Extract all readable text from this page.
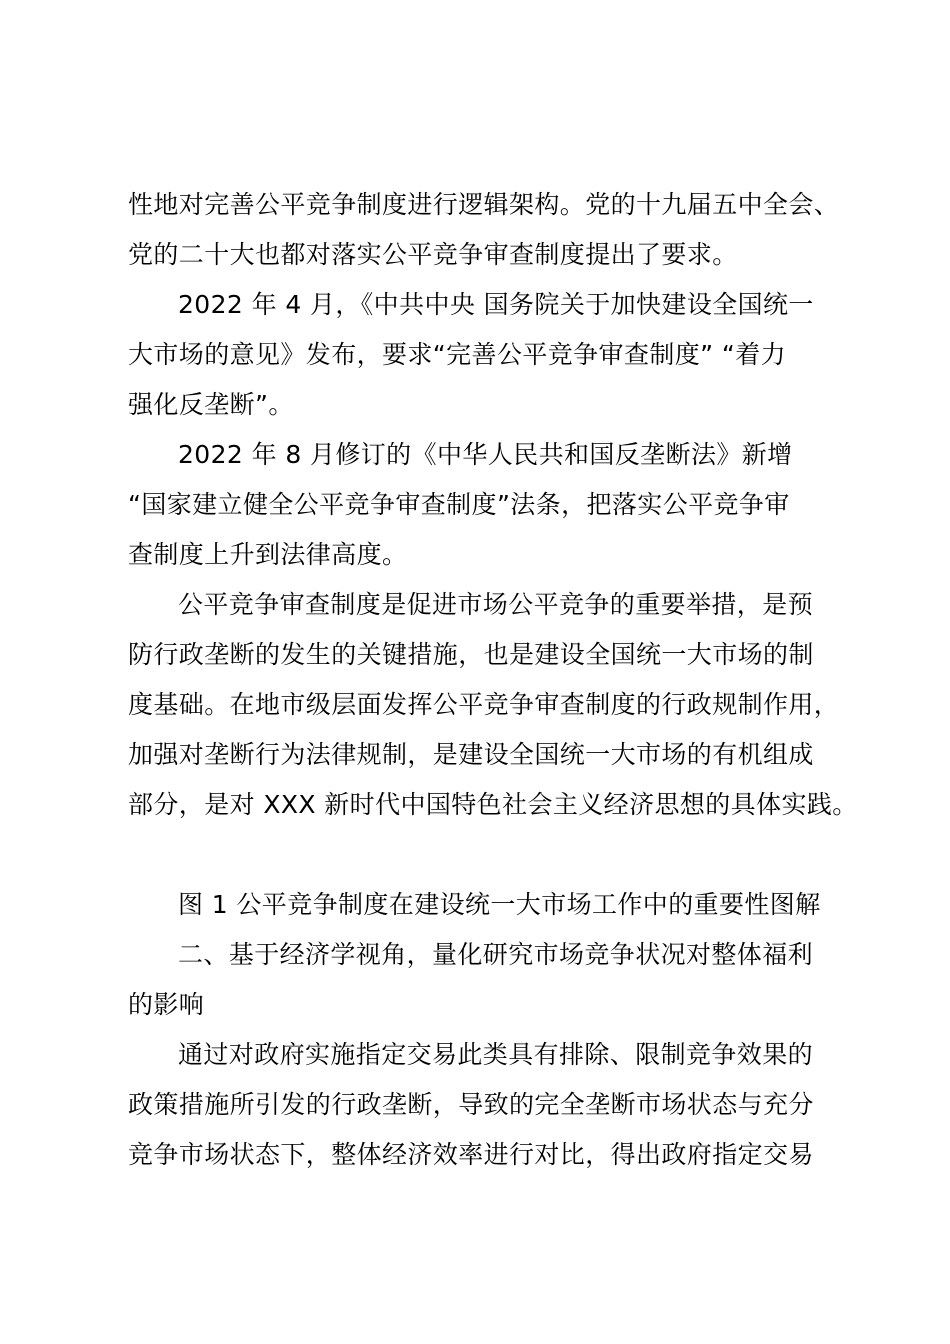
性地对完善公平竞争制度进行逻辑架构。党的十九届五中全会、
党的二十大也都对落实公平竞争审查制度提出了要求。
2022 年 4 月，《中共中央 国务院关于加快建设全国统一
大市场的意见》发布，要求“完善公平竞争审查制度” “着力
强化反垄断”。
2022 年 8 月修订的《中华人民共和国反垄断法》新增
“国家建立健全公平竞争审查制度”法条，把落实公平竞争审
查制度上升到法律高度。
公平竞争审查制度是促进市场公平竞争的重要举措，是预
防行政垄断的发生的关键措施，也是建设全国统一大市场的制
度基础。在地市级层面发挥公平竞争审查制度的行政规制作用，
加强对垄断行为法律规制，是建设全国统一大市场的有机组成
部分，是对 XXX 新时代中国特色社会主义经济思想的具体实践。
图 1 公平竞争制度在建设统一大市场工作中的重要性图解
二、基于经济学视角，量化研究市场竞争状况对整体福利
的影响
通过对政府实施指定交易此类具有排除、限制竞争效果的
政策措施所引发的行政垄断，导致的完全垄断市场状态与充分
竞争市场状态下，整体经济效率进行对比，得出政府指定交易
